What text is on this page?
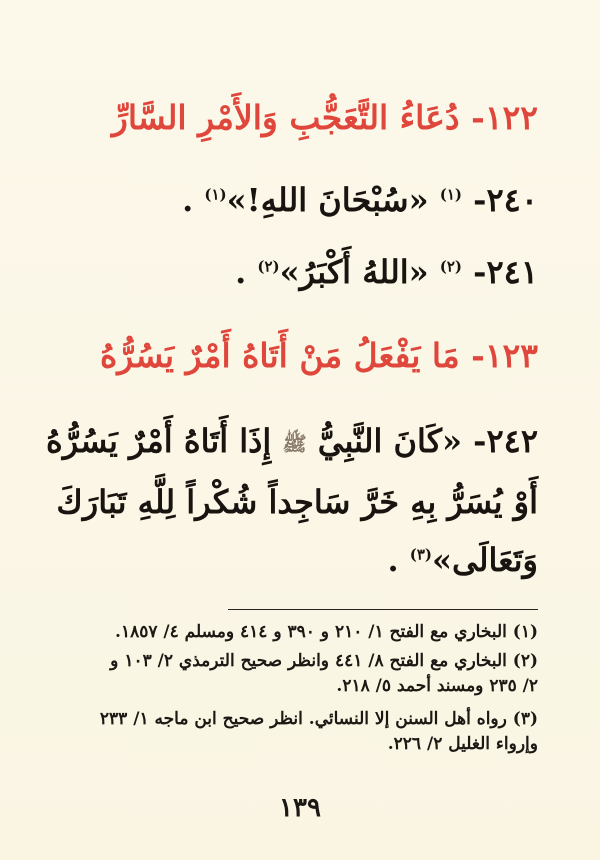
١٢٢- دُعَاءُ التَّعَجُّبِ وَالأَمْرِ السَّارِّ
٢٤٠- $^{(١)}$ «سُبْحَانَ اللهِ!»$^{(١)}$ .
٢٤١- $^{(٢)}$ «اللهُ أَكْبَرُ»$^{(٢)}$ .
١٢٣- مَا يَفْعَلُ مَنْ أَتَاهُ أَمْرٌ يَسُرُّهُ
٢٤٢- «كَانَ النَّبِيُّ ﷺ إِذَا أَتَاهُ أَمْرٌ يَسُرُّهُ أَوْ يُسَرُّ بِهِ خَرَّ سَاجِداً شُكْراً لِلَّهِ تَبَارَكَ وَتَعَالَى»$^{(٣)}$ .

(١) البخاري مع الفتح ١/ ٢١٠ و ٣٩٠ و ٤١٤ ومسلم ٤/ ١٨٥٧.

(٢) البخاري مع الفتح ٨/ ٤٤١ وانظر صحيح الترمذي ٢/ ١٠٣ و ٢/ ٢٣٥ ومسند أحمد ٥/ ٢١٨.

(٣) رواه أهل السنن إلا النسائي. انظر صحيح ابن ماجه ١/ ٢٣٣ وإرواء الغليل ٢/ ٢٢٦.

١٣٩
